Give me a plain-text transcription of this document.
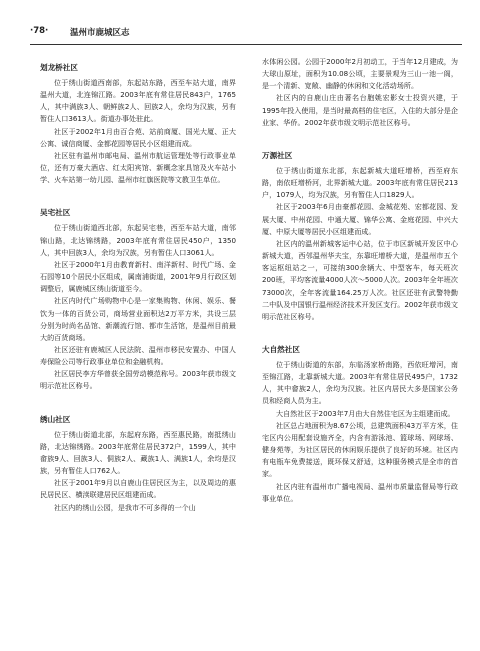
·78·	温州市鹿城区志
划龙桥社区

位于绣山街道西南部，东起站东路，西至车站大道，南界温州大道，北连锦江路。2003年底有常住居民843户，1765人，其中满族3人、朝鲜族2人、回族2人，余均为汉族，另有暂住人口3613人。街道办事处驻此。

社区于2002年1月由百合苑、站前商厦、国光大厦、正大公寓、诚信商厦、金都花园等居民小区组建而成。

社区驻有温州市邮电局、温州市航运管理处等行政事业单位，还有万豪大酒店、红太阳宾馆、新概念家具馆及火车站小学、火车站第一幼儿园、温州市红旗医院等文教卫生单位。

吴宅社区

位于绣山街道西北部，东起吴宅巷，西至车站大道，南邻锦山路，北达锦绣路，2003年底有常住居民450户，1350人，其中回族3人，余均为汉族，另有暂住人口3061人。

社区于2000年1月由教育新村、南洋新村、时代广场、金石园等10个居民小区组成，属南浦街道，2001年9月行政区划调整后，属鹿城区绣山街道至今。

社区内时代广场购物中心是一家集购物、休闲、娱乐、餐饮为一体的百货公司，商场营业面积达2万平方米，共设三层分别为时尚名品馆、新潮流行馆、都市生活馆，是温州目前最大的百货商场。

社区还驻有鹿城区人民法院、温州市移民安置办、中国人寿保险公司等行政事业单位和金融机构。

社区居民李方华曾获全国劳动模范称号。2003年获市级文明示范社区称号。

绣山社区

位于绣山街道北部，东起府东路，西至惠民路，南抵绣山路，北达锦绣路。2003年底常住居民372户，1599人，其中畲族9人、回族3人、侗族2人、藏族1人、满族1人，余均是汉族，另有暂住人口762人。

社区于2001年9月以自鹿山住居民区为主，以及周边的惠民居民区、横渎联建居民区组建而成。

社区内的绣山公园，是我市不可多得的一个山

水体闲公园。公园于2000年2月初动工，于当年12月建成，为大球山原址，面积为10.08公顷，主要景观为三山一池一阁，是一个清新、宽敞、幽静的休闲和文化活动场所。

社区内的自鹿山庄由著名台胞姚宏影女士投资兴建，于1995年投入使用，是当时最高档的住宅区，入住的大部分是企业家、华侨。2002年获市级文明示范社区称号。

万源社区

位于绣山街道东北部，东起新城大道旺增桥，西至府东路，南依旺增桥河，北界新城大道。2003年底有常住居民213户，1079人，均为汉族，另有暂住人口1829人。

社区于2003年6月由豪都花园、金城花苑、宏都花园、发展大厦、中州花园、中通大厦、锦华公寓、金庭花园、中兴大厦、中原大厦等居民小区组建而成。

社区内的温州新城客运中心站，位于市区新城开发区中心新城大道，西邻温州华夫宝，东靠旺增桥大道，是温州市五个客运枢纽站之一，可接纳300余辆大、中型客车，每天班次200班，平均客流量4000人次～5000人次。2003年全年班次73000次，全年客流量164.25万人次。社区还驻有武警特勤二中队及中国银行温州经济技术开发区支行。2002年获市级文明示范社区称号。

大自然社区

位于绣山街道的东部，东临汤家桥南路，西依旺增河，南至锦江路，北靠新城大道。2003年有常住居民495户，1732人，其中畲族2人，余均为汉族。社区内居民大多是国家公务员和经商人员为主。

大自然社区于2003年7月由大自然住宅区为主组建而成。

社区总占地面积为8.67公顷，总建筑面积43万平方米，住宅区内公用配套设施齐全，内含有游泳池、篮球场、网球场、健身苑等，为社区居民的休闲娱乐提供了良好的环境。社区内有电瓶车免费接送，既环保又舒适，这种服务模式是全市的首家。

社区内驻有温州市广播电视局、温州市质量监督局等行政事业单位。
